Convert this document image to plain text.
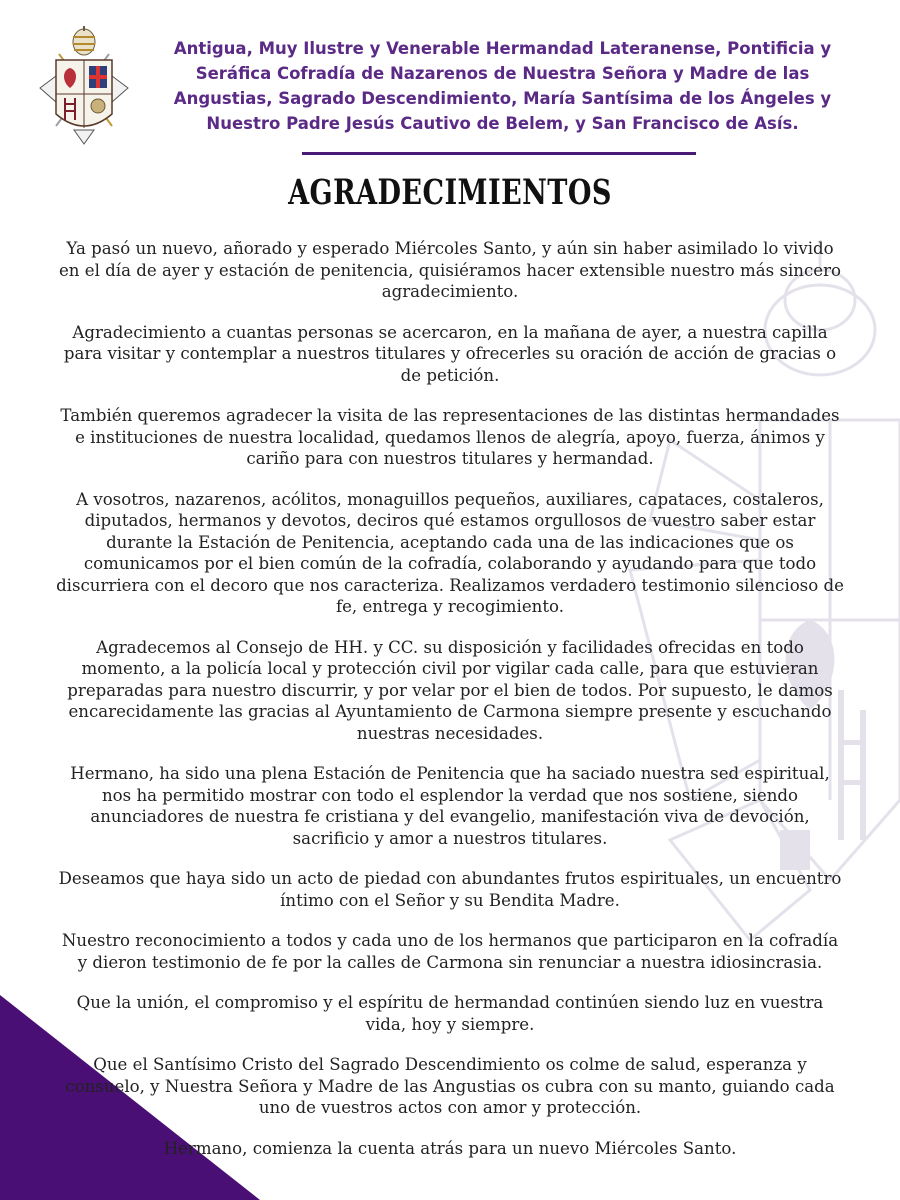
Antigua, Muy Ilustre y Venerable Hermandad Lateranense, Pontificia y Seráfica Cofradía de Nazarenos de Nuestra Señora y Madre de las Angustias, Sagrado Descendimiento, María Santísima de los Ángeles y Nuestro Padre Jesús Cautivo de Belem, y San Francisco de Asís.

AGRADECIMIENTOS

Ya pasó un nuevo, añorado y esperado Miércoles Santo, y aún sin haber asimilado lo vivido en el día de ayer y estación de penitencia, quisiéramos hacer extensible nuestro más sincero agradecimiento.

Agradecimiento a cuantas personas se acercaron, en la mañana de ayer, a nuestra capilla para visitar y contemplar a nuestros titulares y ofrecerles su oración de acción de gracias o de petición.

También queremos agradecer la visita de las representaciones de las distintas hermandades e instituciones de nuestra localidad, quedamos llenos de alegría, apoyo, fuerza, ánimos y cariño para con nuestros titulares y hermandad.

A vosotros, nazarenos, acólitos, monaguillos pequeños, auxiliares, capataces, costaleros, diputados, hermanos y devotos, deciros qué estamos orgullosos de vuestro saber estar durante la Estación de Penitencia, aceptando cada una de las indicaciones que os comunicamos por el bien común de la cofradía, colaborando y ayudando para que todo discurriera con el decoro que nos caracteriza. Realizamos verdadero testimonio silencioso de fe, entrega y recogimiento.

Agradecemos al Consejo de HH. y CC. su disposición y facilidades ofrecidas en todo momento, a la policía local y protección civil por vigilar cada calle, para que estuvieran preparadas para nuestro discurrir, y por velar por el bien de todos. Por supuesto, le damos encarecidamente las gracias al Ayuntamiento de Carmona siempre presente y escuchando nuestras necesidades.

Hermano, ha sido una plena Estación de Penitencia que ha saciado nuestra sed espiritual, nos ha permitido mostrar con todo el esplendor la verdad que nos sostiene, siendo anunciadores de nuestra fe cristiana y del evangelio, manifestación viva de devoción, sacrificio y amor a nuestros titulares.

Deseamos que haya sido un acto de piedad con abundantes frutos espirituales, un encuentro íntimo con el Señor y su Bendita Madre.

Nuestro reconocimiento a todos y cada uno de los hermanos que participaron en la cofradía y dieron testimonio de fe por la calles de Carmona sin renunciar a nuestra idiosincrasia.

Que la unión, el compromiso y el espíritu de hermandad continúen siendo luz en vuestra vida, hoy y siempre.

Que el Santísimo Cristo del Sagrado Descendimiento os colme de salud, esperanza y consuelo, y Nuestra Señora y Madre de las Angustias os cubra con su manto, guiando cada uno de vuestros actos con amor y protección.

Hermano, comienza la cuenta atrás para un nuevo Miércoles Santo.
